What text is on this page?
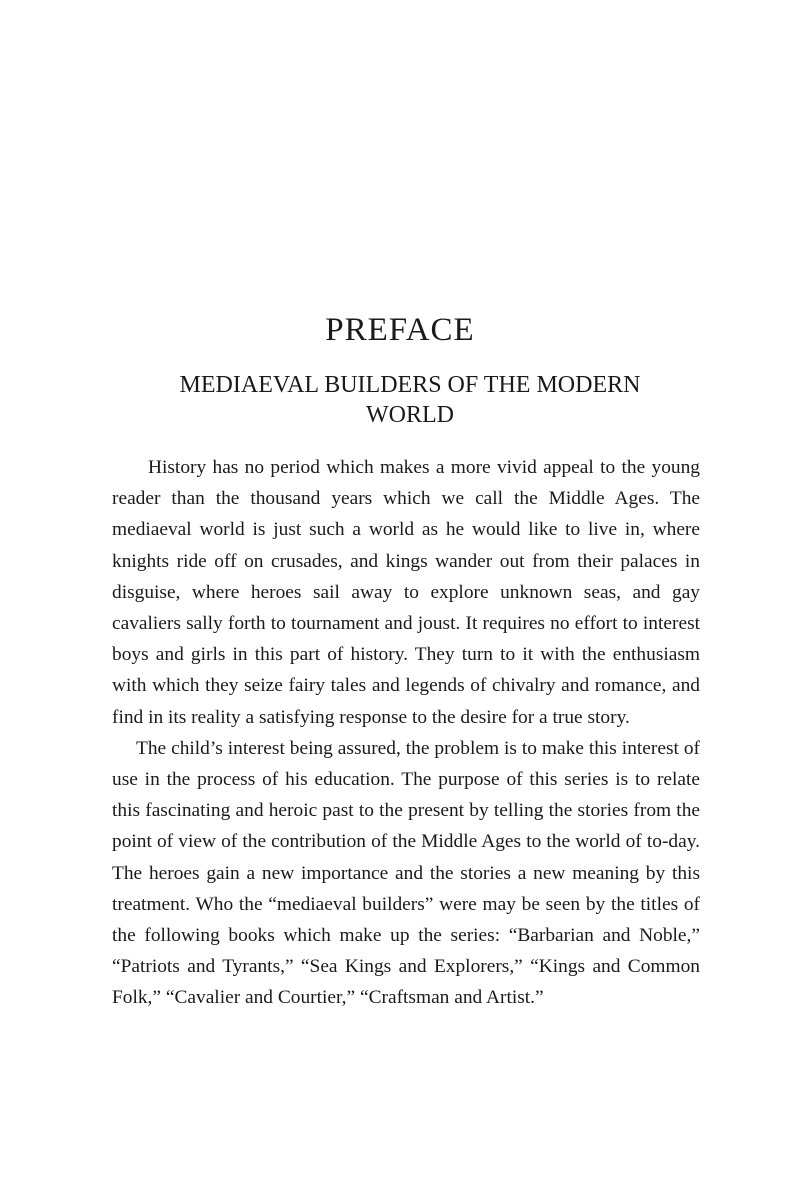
PREFACE
MEDIAEVAL BUILDERS OF THE MODERN WORLD

History has no period which makes a more vivid appeal to the young reader than the thousand years which we call the Middle Ages. The mediaeval world is just such a world as he would like to live in, where knights ride off on crusades, and kings wander out from their palaces in disguise, where heroes sail away to explore unknown seas, and gay cavaliers sally forth to tournament and joust. It requires no effort to interest boys and girls in this part of history. They turn to it with the enthusiasm with which they seize fairy tales and legends of chivalry and romance, and find in its reality a satisfying response to the desire for a true story.

The child’s interest being assured, the problem is to make this interest of use in the process of his education. The purpose of this series is to relate this fascinating and heroic past to the present by telling the stories from the point of view of the contribution of the Middle Ages to the world of to-day. The heroes gain a new importance and the stories a new meaning by this treatment. Who the “mediaeval builders” were may be seen by the titles of the following books which make up the series: “Barbarian and Noble,” “Patriots and Tyrants,” “Sea Kings and Explorers,” “Kings and Common Folk,” “Cavalier and Courtier,” “Craftsman and Artist.”
